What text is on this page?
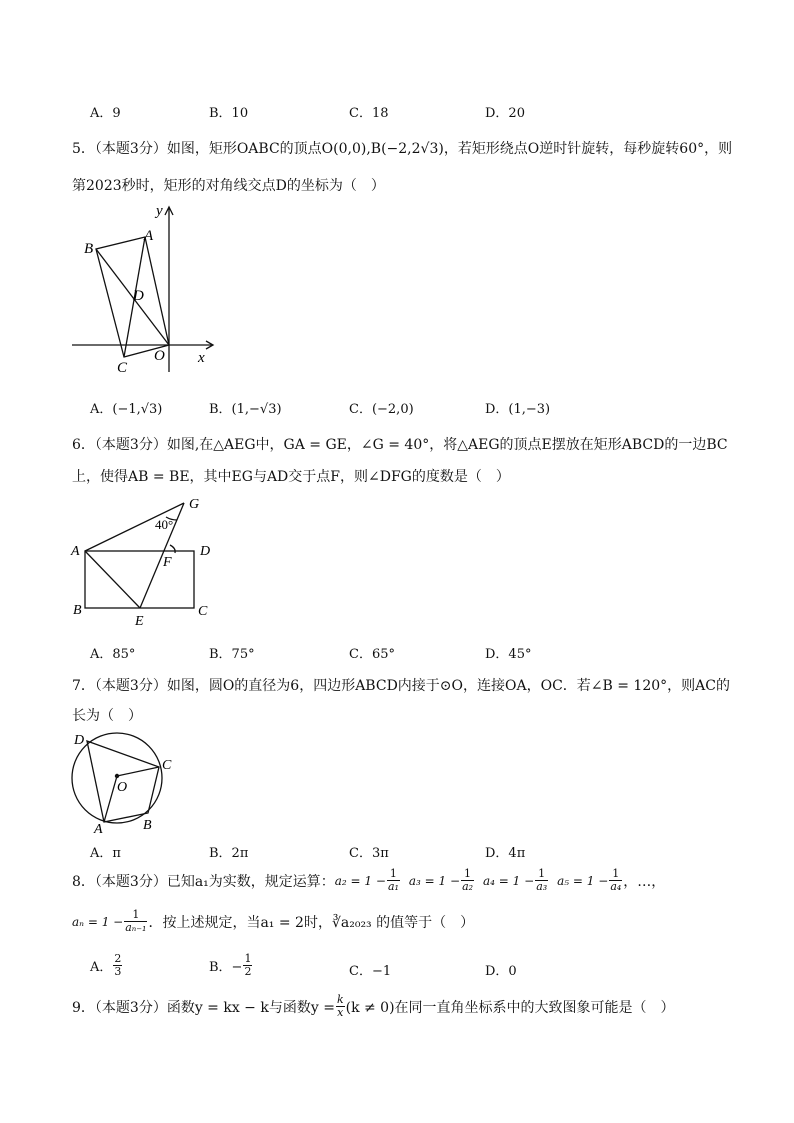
A．9	B．10	C．18	D．20
5．（本题3分）如图，矩形OABC的顶点O(0,0),B(−2,2√3)，若矩形绕点O逆时针旋转，每秒旋转60°，则
第2023秒时，矩形的对角线交点D的坐标为（　）
y
x
A
B
D
C
O
A．(−1,√3)	B．(1,−√3)	C．(−2,0)	D．(1,−3)
6．（本题3分）如图,在△AEG中，GA = GE，∠G = 40°，将△AEG的顶点E摆放在矩形ABCD的一边BC
上，使得AB = BE，其中EG与AD交于点F，则∠DFG的度数是（　）
G
40°
A	D
F
B	C
E
A．85°	B．75°	C．65°	D．45°
7．（本题3分）如图，圆O的直径为6，四边形ABCD内接于⊙O，连接OA，OC．若∠B = 120°，则AC的
长为（　）
D
C
O
B
A
A．π	B．2π	C．3π	D．4π
8．（本题3分）已知a₁为实数，规定运算： $a_2 = 1 - \frac{1}{\text{a₁}} a_3 = 1 - \frac{1}{\text{a₂}} a_4 = 1 - \frac{1}{\text{a₃}} a_5 = 1 - \frac{1}{\text{a₄}}$ ，…，
$a_n = 1 - \frac{1}{\text{aₙ₋₁}}$ ．按上述规定，当a₁ = 2时，∛a₂₀₂₃ 的值等于（　）
A． $\frac{2}{3}$	B．− $\frac{1}{2}$	C．−1	D．0
9．（本题3分）函数y = kx − k与函数$y = \frac{k}{x} (k \ne 0)$在同一直角坐标系中的大致图象可能是（　）
